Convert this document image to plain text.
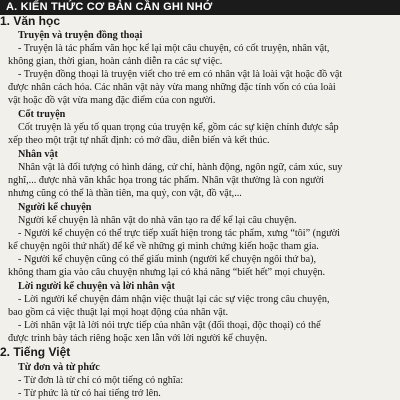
A. KIẾN THỨC CƠ BẢN CẦN GHI NHỚ
1. Văn học
Truyện và truyện đồng thoại
- Truyện là tác phẩm văn học kể lại một câu chuyện, có cốt truyện, nhân vật,
không gian, thời gian, hoàn cảnh diễn ra các sự việc.
- Truyện đồng thoại là truyện viết cho trẻ em có nhân vật là loài vật hoặc đồ vật
được nhân cách hóa. Các nhân vật này vừa mang những đặc tính vốn có của loài
vật hoặc đồ vật vừa mang đặc điểm của con người.
Cốt truyện
Cốt truyện là yếu tố quan trọng của truyện kể, gồm các sự kiện chính được sắp
xếp theo một trật tự nhất định: có mở đầu, diễn biến và kết thúc.
Nhân vật
Nhân vật là đối tượng có hình dáng, cử chỉ, hành động, ngôn ngữ, cảm xúc, suy
nghĩ,... được nhà văn khắc họa trong tác phẩm. Nhân vật thường là con người
nhưng cũng có thể là thần tiên, ma quỷ, con vật, đồ vật,...
Người kể chuyện
Người kể chuyện là nhân vật do nhà văn tạo ra để kể lại câu chuyện.
- Người kể chuyện có thể trực tiếp xuất hiện trong tác phẩm, xưng “tôi” (người
kể chuyện ngôi thứ nhất) để kể về những gì mình chứng kiến hoặc tham gia.
- Người kể chuyện cũng có thể giấu mình (người kể chuyện ngôi thứ ba),
không tham gia vào câu chuyện nhưng lại có khả năng “biết hết” mọi chuyện.
Lời người kể chuyện và lời nhân vật
- Lời người kể chuyện đảm nhận việc thuật lại các sự việc trong câu chuyện,
bao gồm cả việc thuật lại mọi hoạt động của nhân vật.
- Lời nhân vật là lời nói trực tiếp của nhân vật (đối thoại, độc thoại) có thể
được trình bày tách riêng hoặc xen lẫn với lời người kể chuyện.
2. Tiếng Việt
Từ đơn và từ phức
- Từ đơn là từ chỉ có một tiếng có nghĩa:
- Từ phức là từ có hai tiếng trở lên.
